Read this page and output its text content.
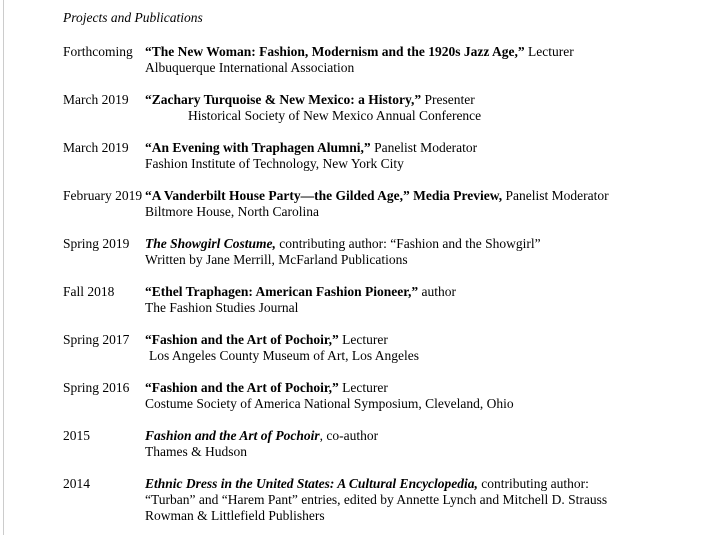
Projects and Publications
Forthcoming “The New Woman: Fashion, Modernism and the 1920s Jazz Age,” Lecturer
Albuquerque International Association
March 2019	“Zachary Turquoise & New Mexico: a History,” Presenter
Historical Society of New Mexico Annual Conference
March 2019	“An Evening with Traphagen Alumni,” Panelist Moderator
Fashion Institute of Technology, New York City
February 2019 “A Vanderbilt House Party—the Gilded Age,” Media Preview, Panelist Moderator
Biltmore House, North Carolina
Spring 2019	The Showgirl Costume, contributing author: “Fashion and the Showgirl”
Written by Jane Merrill, McFarland Publications
Fall 2018	“Ethel Traphagen: American Fashion Pioneer,” author
The Fashion Studies Journal
Spring 2017	“Fashion and the Art of Pochoir,” Lecturer
Los Angeles County Museum of Art, Los Angeles
Spring 2016	“Fashion and the Art of Pochoir,” Lecturer
Costume Society of America National Symposium, Cleveland, Ohio
2015	Fashion and the Art of Pochoir, co-author
Thames & Hudson
2014	Ethnic Dress in the United States: A Cultural Encyclopedia, contributing author:
“Turban” and “Harem Pant” entries, edited by Annette Lynch and Mitchell D. Strauss
Rowman & Littlefield Publishers
